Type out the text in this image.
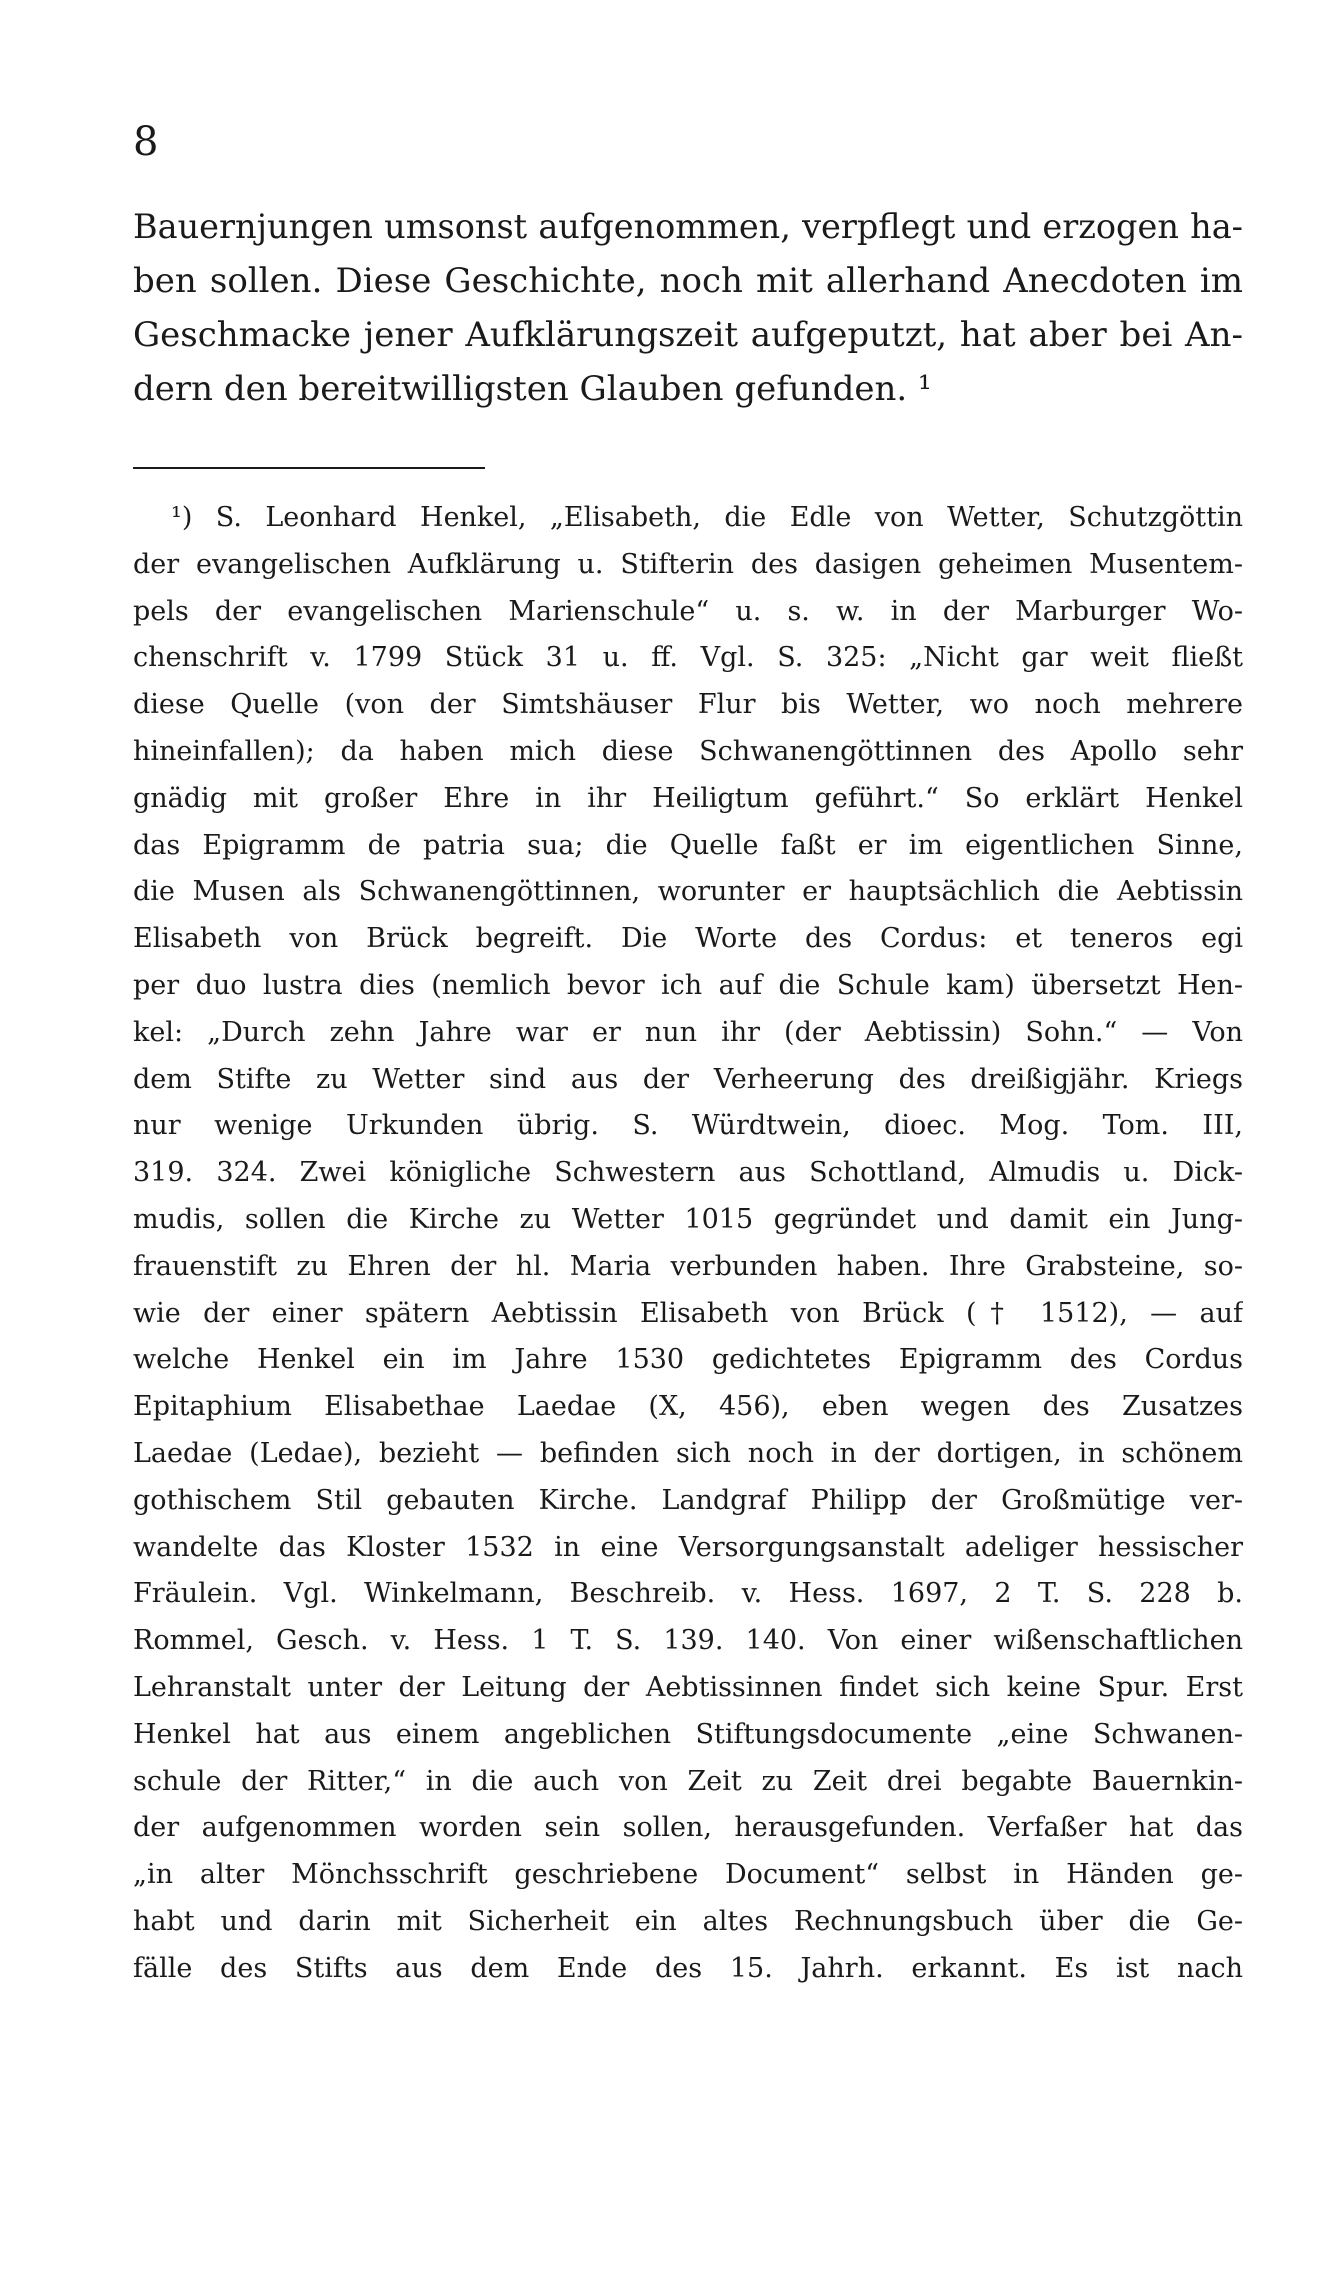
8
Bauernjungen umsonst aufgenommen, verpflegt und erzogen ha-
ben sollen. Diese Geschichte, noch mit allerhand Anecdoten im
Geschmacke jener Aufklärungszeit aufgeputzt, hat aber bei An-
dern den bereitwilligsten Glauben gefunden. ¹
¹) S. Leonhard Henkel, „Elisabeth, die Edle von Wetter, Schutzgöttin
der evangelischen Aufklärung u. Stifterin des dasigen geheimen Musentem-
pels der evangelischen Marienschule“ u. s. w. in der Marburger Wo-
chenschrift v. 1799 Stück 31 u. ff. Vgl. S. 325: „Nicht gar weit fließt
diese Quelle (von der Simtshäuser Flur bis Wetter, wo noch mehrere
hineinfallen); da haben mich diese Schwanengöttinnen des Apollo sehr
gnädig mit großer Ehre in ihr Heiligtum geführt.“ So erklärt Henkel
das Epigramm de patria sua; die Quelle faßt er im eigentlichen Sinne,
die Musen als Schwanengöttinnen, worunter er hauptsächlich die Aebtissin
Elisabeth von Brück begreift. Die Worte des Cordus: et teneros egi
per duo lustra dies (nemlich bevor ich auf die Schule kam) übersetzt Hen-
kel: „Durch zehn Jahre war er nun ihr (der Aebtissin) Sohn.“ — Von
dem Stifte zu Wetter sind aus der Verheerung des dreißigjähr. Kriegs
nur wenige Urkunden übrig. S. Würdtwein, dioec. Mog. Tom. III,
319. 324. Zwei königliche Schwestern aus Schottland, Almudis u. Dick-
mudis, sollen die Kirche zu Wetter 1015 gegründet und damit ein Jung-
frauenstift zu Ehren der hl. Maria verbunden haben. Ihre Grabsteine, so-
wie der einer spätern Aebtissin Elisabeth von Brück († 1512), — auf
welche Henkel ein im Jahre 1530 gedichtetes Epigramm des Cordus
Epitaphium Elisabethae Laedae (X, 456), eben wegen des Zusatzes
Laedae (Ledae), bezieht — befinden sich noch in der dortigen, in schönem
gothischem Stil gebauten Kirche. Landgraf Philipp der Großmütige ver-
wandelte das Kloster 1532 in eine Versorgungsanstalt adeliger hessischer
Fräulein. Vgl. Winkelmann, Beschreib. v. Hess. 1697, 2 T. S. 228 b.
Rommel, Gesch. v. Hess. 1 T. S. 139. 140. Von einer wißenschaftlichen
Lehranstalt unter der Leitung der Aebtissinnen findet sich keine Spur. Erst
Henkel hat aus einem angeblichen Stiftungsdocumente „eine Schwanen-
schule der Ritter,“ in die auch von Zeit zu Zeit drei begabte Bauernkin-
der aufgenommen worden sein sollen, herausgefunden. Verfaßer hat das
„in alter Mönchsschrift geschriebene Document“ selbst in Händen ge-
habt und darin mit Sicherheit ein altes Rechnungsbuch über die Ge-
fälle des Stifts aus dem Ende des 15. Jahrh. erkannt. Es ist nach
